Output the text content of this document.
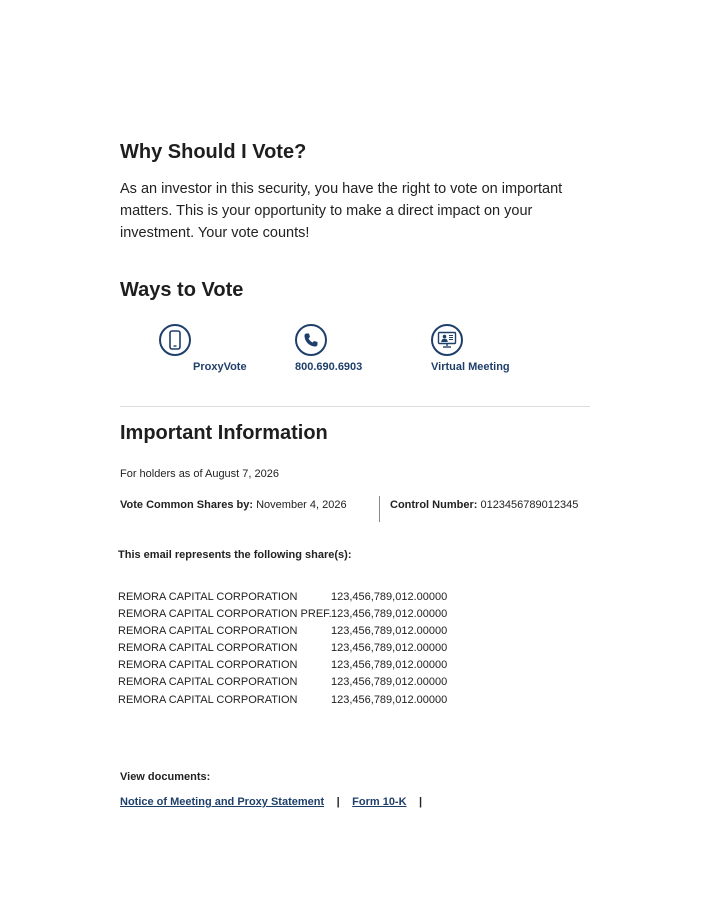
Why Should I Vote?
As an investor in this security, you have the right to vote on important matters. This is your opportunity to make a direct impact on your investment. Your vote counts!
Ways to Vote
ProxyVote	800.690.6903	Virtual Meeting
Important Information
For holders as of August 7, 2026
Vote Common Shares by: November 4, 2026	Control Number: 0123456789012345
This email represents the following share(s):
REMORA CAPITAL CORPORATION	123,456,789,012.00000
REMORA CAPITAL CORPORATION PREF. 123,456,789,012.00000
REMORA CAPITAL CORPORATION	123,456,789,012.00000
REMORA CAPITAL CORPORATION	123,456,789,012.00000
REMORA CAPITAL CORPORATION	123,456,789,012.00000
REMORA CAPITAL CORPORATION	123,456,789,012.00000
REMORA CAPITAL CORPORATION	123,456,789,012.00000
View documents:
Notice of Meeting and Proxy Statement | Form 10-K |
